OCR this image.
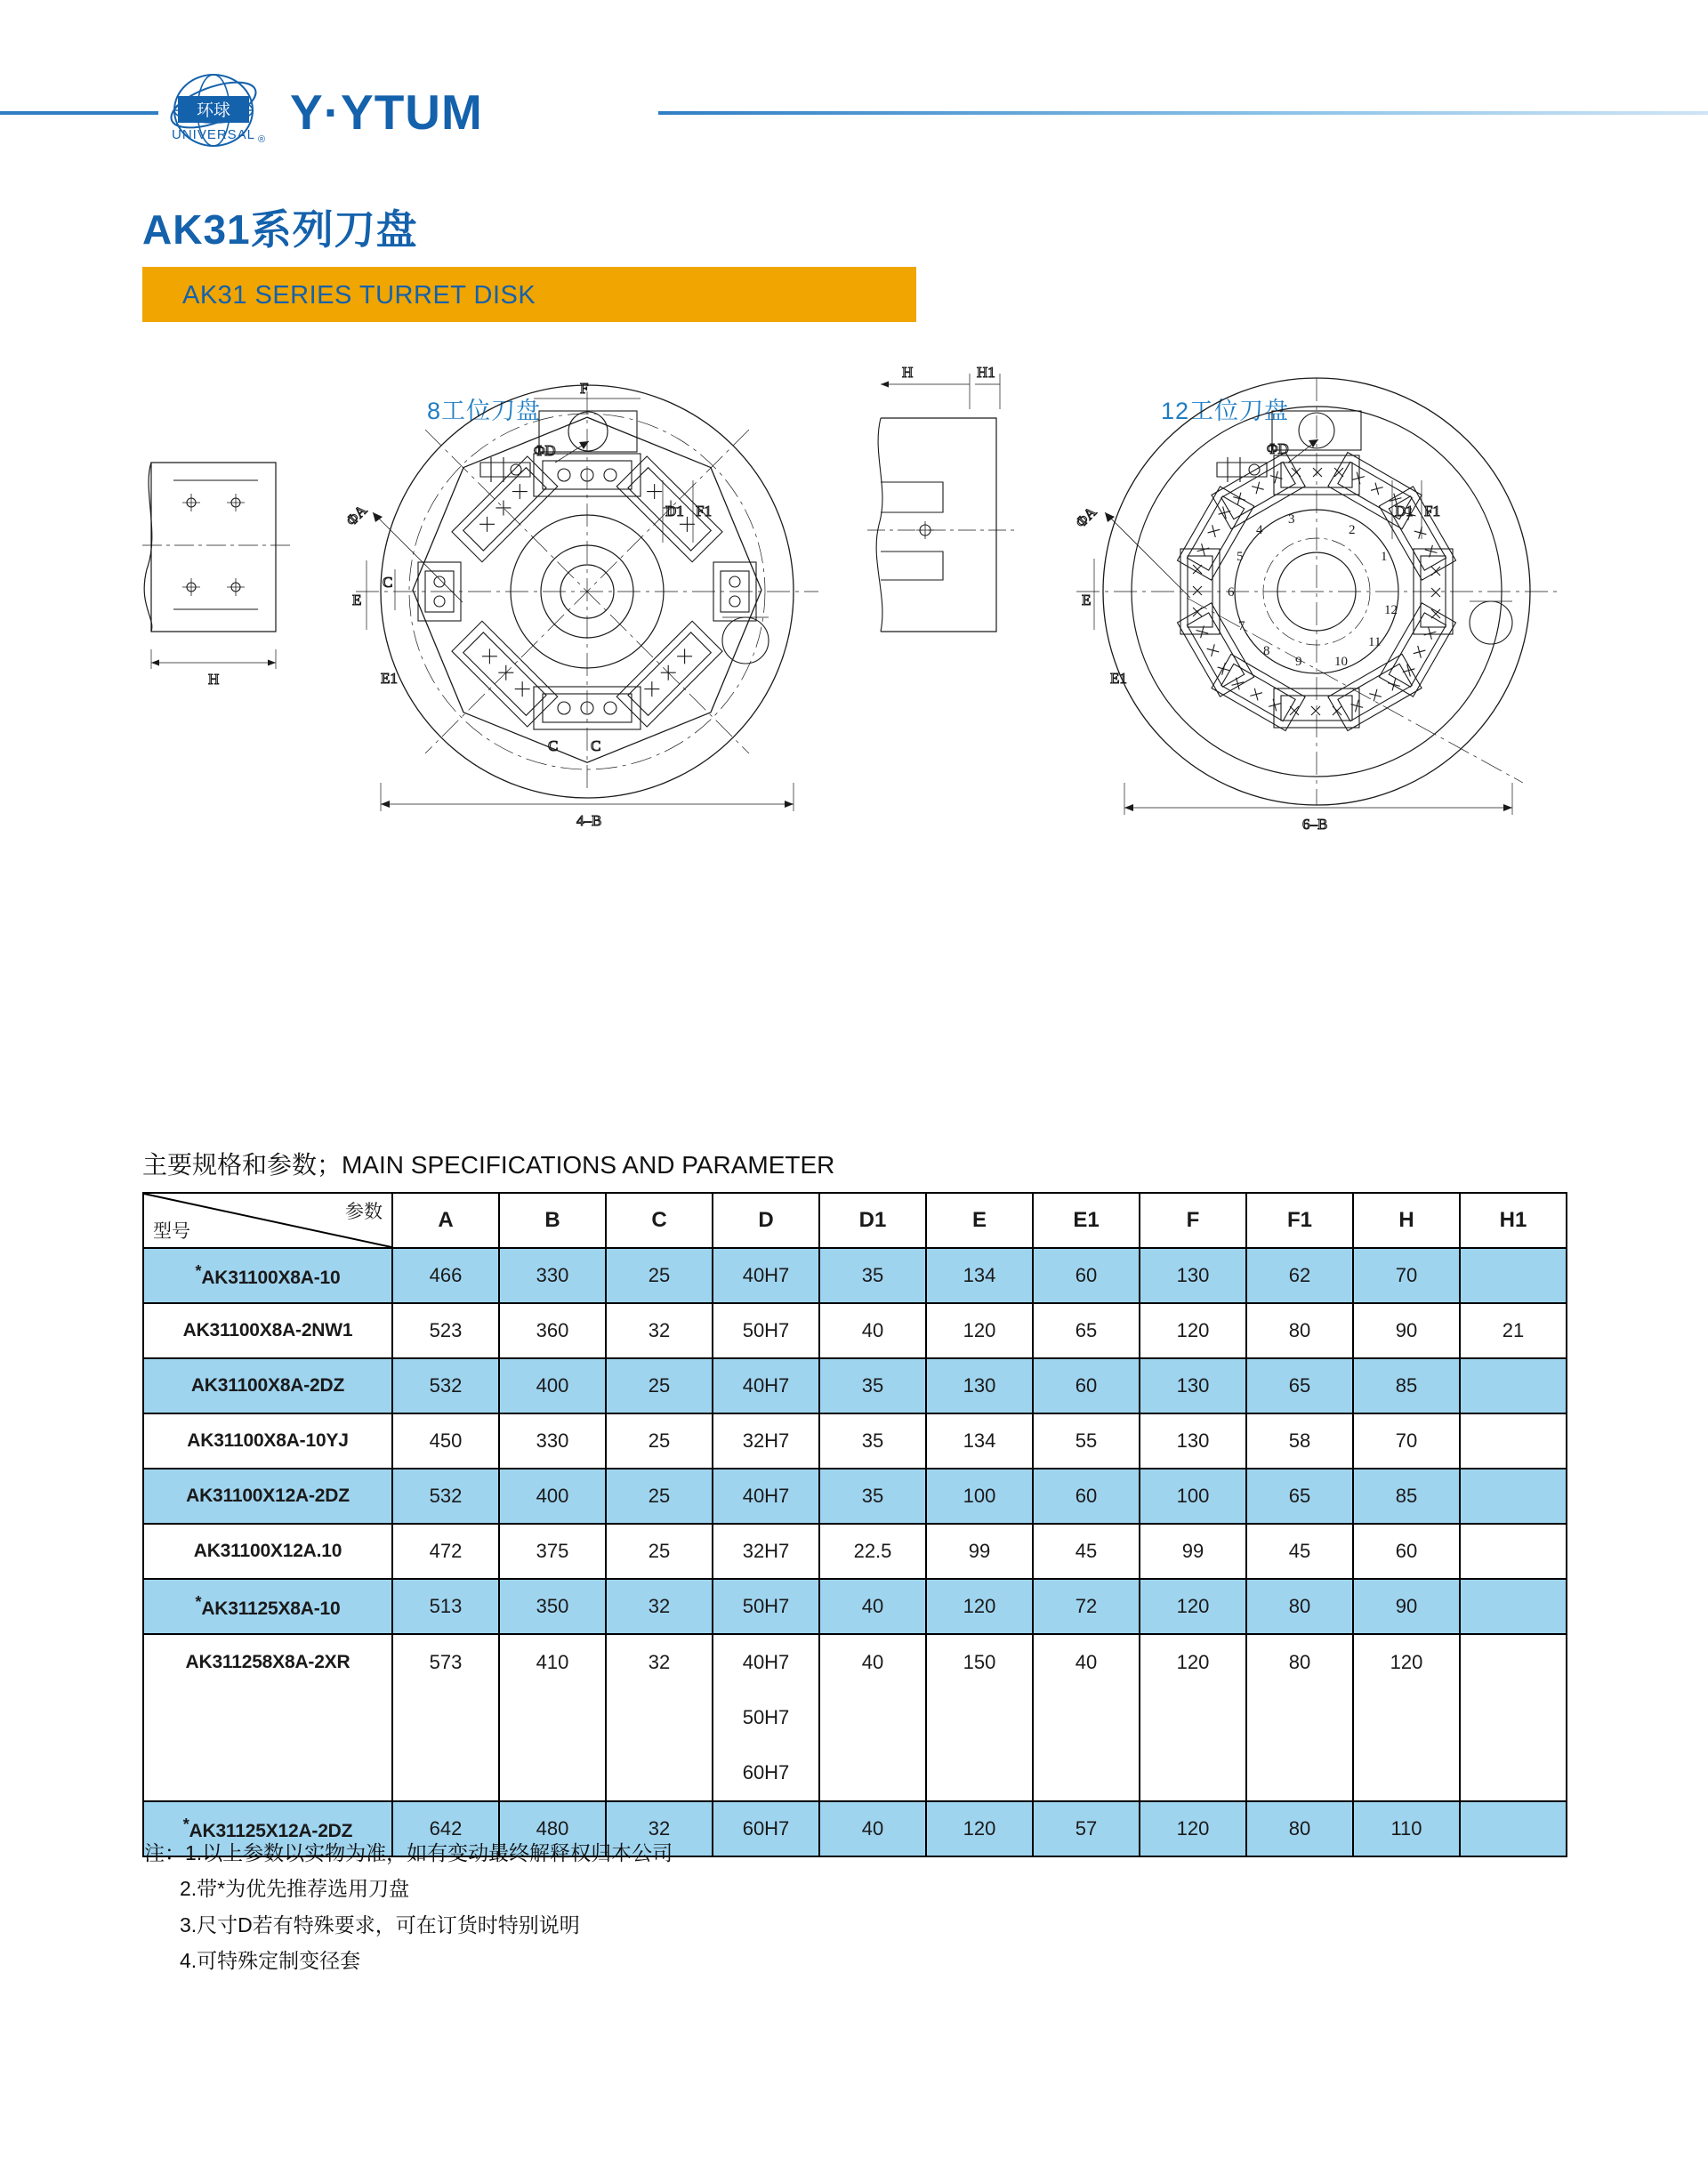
环球
UNIVERSAL ®
Y·YTUM
AK31系列刀盘
AK31 SERIES TURRET DISK
8工位刀盘	12工位刀盘
H
ΦA
ΦD
F
D1 F1
E
C
E1
C C
4–B
H	H1
2
1
3
4
5
6
7
8
9 10
11
12
ΦA
ΦD
D1 F1
E
E1
6–B
主要规格和参数；MAIN SPECIFICATIONS AND PARAMETER
型号
参数	A	B	C	D	D1	E	E1	F	F1	H	H1
*AK31100X8A-10	466	330	25	40H7	35	134	60	130	62	70	
AK31100X8A-2NW1	523	360	32	50H7	40	120	65	120	80	90	21
AK31100X8A-2DZ	532	400	25	40H7	35	130	60	130	65	85	
AK31100X8A-10YJ	450	330	25	32H7	35	134	55	130	58	70	
AK31100X12A-2DZ	532	400	25	40H7	35	100	60	100	65	85	
AK31100X12A.10	472	375	25	32H7	22.5	99	45	99	45	60	
*AK31125X8A-10	513	350	32	50H7	40	120	72	120	80	90	

AK311258X8A-2XR	573	410	32	40H7
50H7
60H7	40	150	40	120	80	120	

*AK31125X12A-2DZ	642	480	32	60H7	40	120	57	120	80	110	
注：1.以上参数以实物为准，如有变动最终解释权归本公司
2.带*为优先推荐选用刀盘
3.尺寸D若有特殊要求，可在订货时特别说明
4.可特殊定制变径套
